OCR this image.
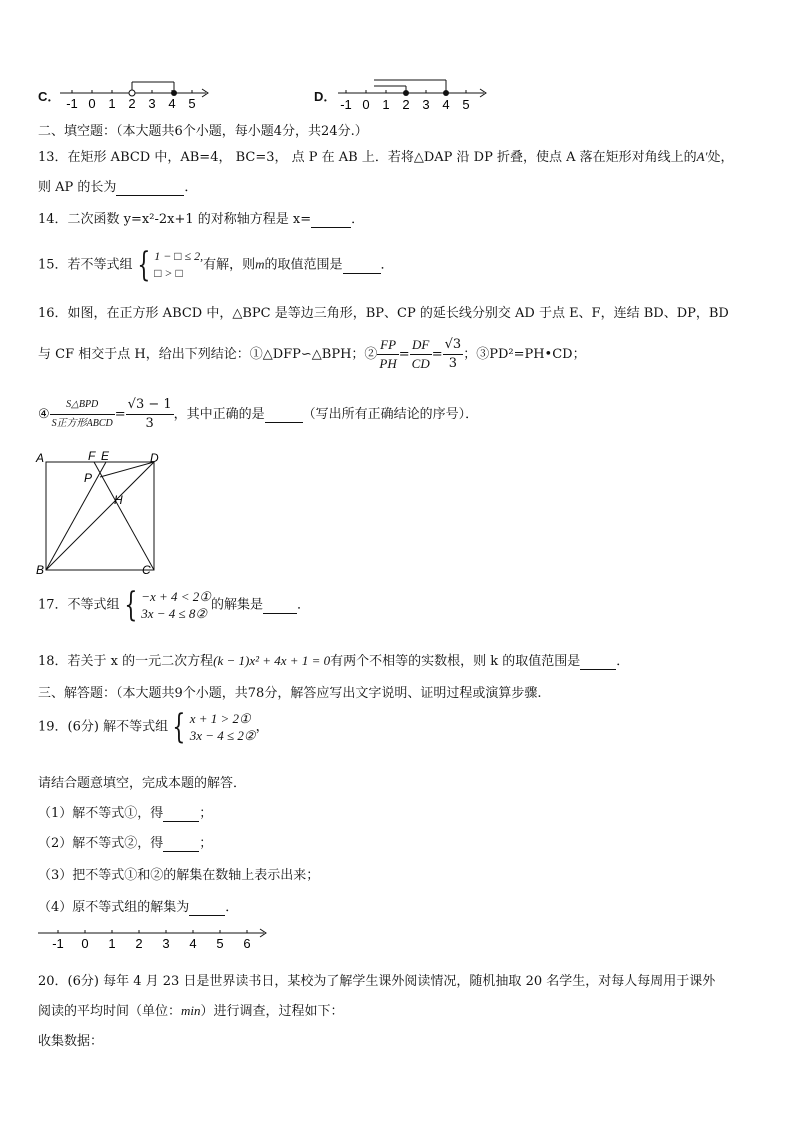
C． -1 0 1 2 3 4 5	D．
-1 0 1 2 3 4 5
二、填空题：（本大题共6个小题，每小题4分，共24分.）
13．在矩形 ABCD 中，AB=4， BC=3， 点 P 在 AB 上．若将△DAP 沿 DP 折叠，使点 A 落在矩形对角线上的A′处，
则 AP 的长为	．
14．二次函数 y=x²-2x+1 的对称轴方程是 x=	．
15．若不等式组 { 1 − □ ≤ 2,
□ > □
有解，则m的取值范围是	．
16．如图，在正方形 ABCD 中，△BPC 是等边三角形，BP、CP 的延长线分别交 AD 于点 E、F，连结 BD、DP，BD
与 CF 相交于点 H，给出下列结论：①△DFP∽△BPH；② $\frac{FP}{PH} = \frac{DF}{CD} = \frac{√3}{3}$ ；③PD²=PH•CD；
④ $\frac{\text{S△BPD}}{\text{S正方形ABCD}} = \frac{√3 - 1}{3}$ ，其中正确的是	（写出所有正确结论的序号）．
A
B	C
D
F E
P
H
17．不等式组 { −x + 4 < 2①
3x − 4 ≤ 8②
的解集是	．
18．若关于 x 的一元二次方程(k − 1)x² + 4x + 1 = 0有两个不相等的实数根，则 k 的取值范围是	．
三、解答题：（本大题共9个小题，共78分，解答应写出文字说明、证明过程或演算步骤.
19．(6分) 解不等式组 { x + 1 > 2①
3x − 4 ≤ 2②
，
请结合题意填空，完成本题的解答．
（1）解不等式①，得	；
（2）解不等式②，得	；
（3）把不等式①和②的解集在数轴上表示出来；
（4）原不等式组的解集为	．
-1 0 1 2 3 4 5 6
20．(6分) 每年 4 月 23 日是世界读书日，某校为了解学生课外阅读情况，随机抽取 20 名学生，对每人每周用于课外
阅读的平均时间（单位：min）进行调查，过程如下：
收集数据：
